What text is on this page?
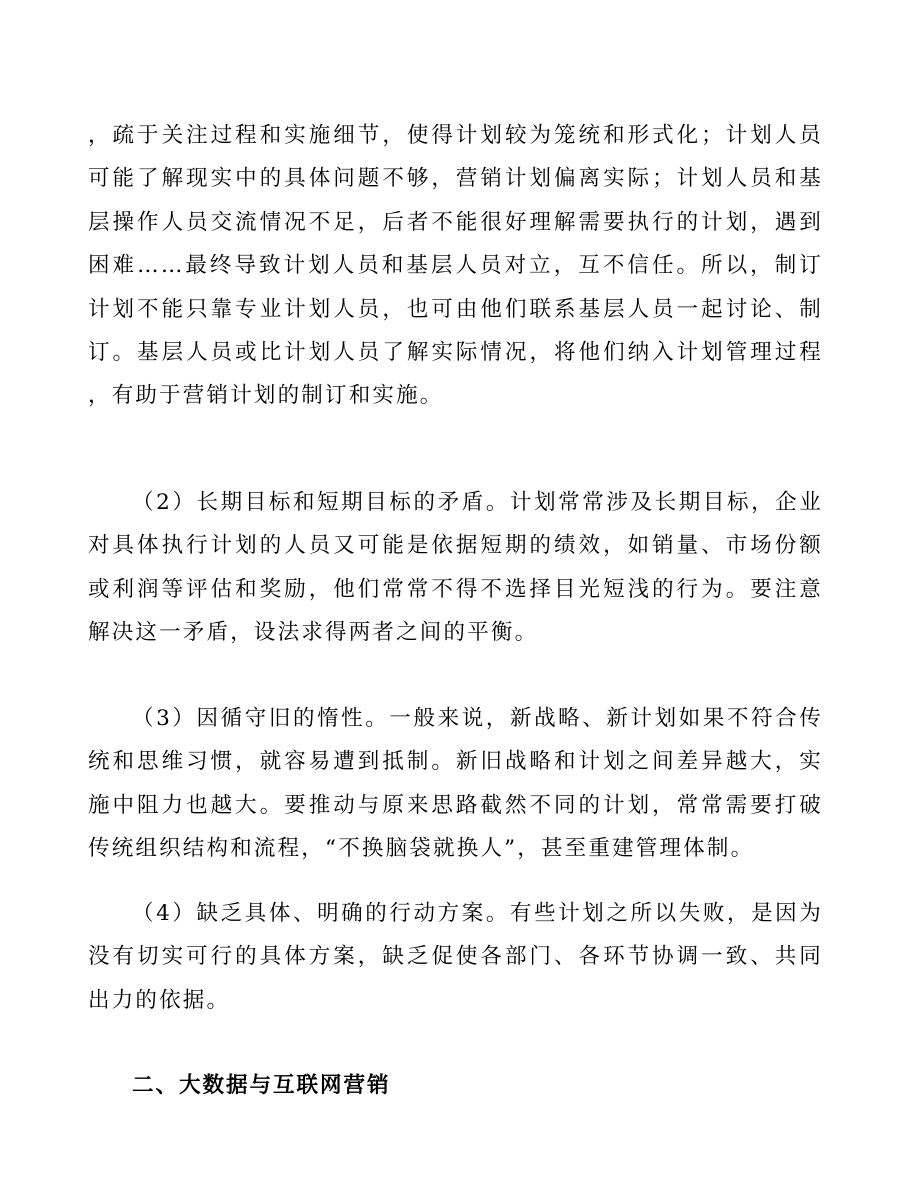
，疏于关注过程和实施细节，使得计划较为笼统和形式化；计划人员
可能了解现实中的具体问题不够，营销计划偏离实际；计划人员和基
层操作人员交流情况不足，后者不能很好理解需要执行的计划，遇到
困难……最终导致计划人员和基层人员对立，互不信任。所以，制订
计划不能只靠专业计划人员，也可由他们联系基层人员一起讨论、制
订。基层人员或比计划人员了解实际情况，将他们纳入计划管理过程
，有助于营销计划的制订和实施。
（2）长期目标和短期目标的矛盾。计划常常涉及长期目标，企业
对具体执行计划的人员又可能是依据短期的绩效，如销量、市场份额
或利润等评估和奖励，他们常常不得不选择目光短浅的行为。要注意
解决这一矛盾，设法求得两者之间的平衡。
（3）因循守旧的惰性。一般来说，新战略、新计划如果不符合传
统和思维习惯，就容易遭到抵制。新旧战略和计划之间差异越大，实
施中阻力也越大。要推动与原来思路截然不同的计划，常常需要打破
传统组织结构和流程，“不换脑袋就换人”，甚至重建管理体制。
（4）缺乏具体、明确的行动方案。有些计划之所以失败，是因为
没有切实可行的具体方案，缺乏促使各部门、各环节协调一致、共同
出力的依据。
二、大数据与互联网营销
